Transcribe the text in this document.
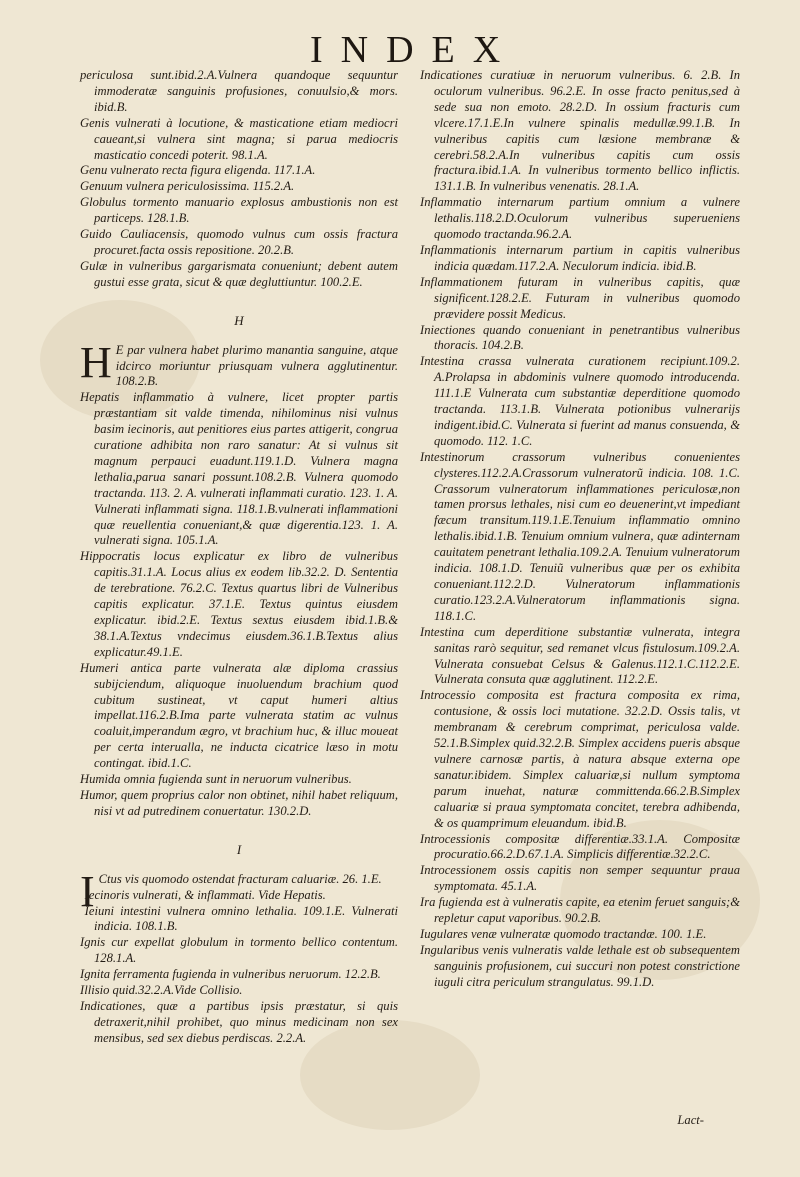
INDEX
periculosa sunt.ibid.2.A.Vulnera quandoque sequuntur immoderatæ sanguinis profusiones, conuulsio,& mors. ibid.B.
Genis vulnerati à locutione, & masticatione etiam mediocri caueant,si vulnera sint magna; si parua mediocris masticatio concedi poterit. 98.1.A.
Genu vulnerato recta figura eligenda. 117.1.A.
Genuum vulnera periculosissima. 115.2.A.
Globulus tormento manuario explosus ambustionis non est particeps. 128.1.B.
Guido Cauliacensis, quomodo vulnus cum ossis fractura procuret.facta ossis repositione. 20.2.B.
Gulæ in vulneribus gargarismata conueniunt; debent autem gustui esse grata, sicut & quæ degluttiuntur. 100.2.E.
H
H E par vulnera habet plurimo manantia sanguine, atque idcirco moriuntur priusquam vulnera agglutinentur. 108.2.B.
Hepatis inflammatio à vulnere, licet propter partis præstantiam sit valde timenda, nihilominus nisi vulnus basim iecinoris, aut penitiores eius partes attigerit, congrua curatione adhibita non raro sanatur: At si vulnus sit magnum perpauci euadunt.119.1.D. Vulnera magna lethalia,parua sanari possunt.108.2.B. Vulnera quomodo tractanda. 113. 2. A. vulnerati inflammati curatio. 123. 1. A. Vulnerati inflammati signa. 118.1.B.vulnerati inflammationi quæ reuellentia conueniant,& quæ digerentia.123. 1. A. vulnerati signa. 105.1.A.
Hippocratis locus explicatur ex libro de vulneribus capitis.31.1.A. Locus alius ex eodem lib.32.2. D. Sententia de terebratione. 76.2.C. Textus quartus libri de Vulneribus capitis explicatur. 37.1.E. Textus quintus eiusdem explicatur. ibid.2.E. Textus sextus eiusdem ibid.1.B.& 38.1.A.Textus vndecimus eiusdem.36.1.B.Textus alius explicatur.49.1.E.
Humeri antica parte vulnerata alæ diploma crassius subijciendum, aliquoque inuoluendum brachium quod cubitum sustineat, vt caput humeri altius impellat.116.2.B.Ima parte vulnerata statim ac vulnus coaluit,imperandum ægro, vt brachium huc, & illuc moueat per certa interualla, ne inducta cicatrice læso in motu contingat. ibid.1.C.
Humida omnia fugienda sunt in neruorum vulneribus.
Humor, quem proprius calor non obtinet, nihil habet reliquum, nisi vt ad putredinem conuertatur. 130.2.D.
I
I Ctus vis quomodo ostendat fracturam caluariæ. 26. 1.E.
Iecinoris vulnerati, & inflammati. Vide Hepatis.
Ieiuni intestini vulnera omnino lethalia. 109.1.E. Vulnerati indicia. 108.1.B.
Ignis cur expellat globulum in tormento bellico contentum. 128.1.A.
Ignita ferramenta fugienda in vulneribus neruorum. 12.2.B.
Illisio quid.32.2.A.Vide Collisio.
Indicationes, quæ a partibus ipsis præstatur, si quis detraxerit,nihil prohibet, quo minus medicinam non sex mensibus, sed sex diebus perdiscas. 2.2.A.
Indicationes curatiuæ in neruorum vulneribus. 6. 2.B. In oculorum vulneribus. 96.2.E. In osse fracto penitus,sed à sede sua non emoto. 28.2.D. In ossium fracturis cum vlcere.17.1.E.In vulnere spinalis medullæ.99.1.B. In vulneribus capitis cum læsione membranæ & cerebri.58.2.A.In vulneribus capitis cum ossis fractura.ibid.1.A. In vulneribus tormento bellico inflictis. 131.1.B. In vulneribus venenatis. 28.1.A.
Inflammatio internarum partium omnium a vulnere lethalis.118.2.D.Oculorum vulneribus superueniens quomodo tractanda.96.2.A.
Inflammationis internarum partium in capitis vulneribus indicia quædam.117.2.A. Neculorum indicia. ibid.B.
Inflammationem futuram in vulneribus capitis, quæ significent.128.2.E. Futuram in vulneribus quomodo prævidere possit Medicus.
Iniectiones quando conueniant in penetrantibus vulneribus thoracis. 104.2.B.
Intestina crassa vulnerata curationem recipiunt.109.2. A.Prolapsa in abdominis vulnere quomodo introducenda. 111.1.E Vulnerata cum substantiæ deperditione quomodo tractanda. 113.1.B. Vulnerata potionibus vulnerarijs indigent.ibid.C. Vulnerata si fuerint ad manus consuenda, & quomodo. 112. 1.C.
Intestinorum crassorum vulneribus conuenientes clysteres.112.2.A.Crassorum vulneratorũ indicia. 108. 1.C. Crassorum vulneratorum inflammationes periculosæ,non tamen prorsus lethales, nisi cum eo deuenerint,vt impediant fæcum transitum.119.1.E.Tenuium inflammatio omnino lethalis.ibid.1.B. Tenuium omnium vulnera, quæ adinternam cauitatem penetrant lethalia.109.2.A. Tenuium vulneratorum indicia. 108.1.D. Tenuiũ vulneribus quæ per os exhibita conueniant.112.2.D. Vulneratorum inflammationis curatio.123.2.A.Vulneratorum inflammationis signa. 118.1.C.
Intestina cum deperditione substantiæ vulnerata, integra sanitas rarò sequitur, sed remanet vlcus fistulosum.109.2.A. Vulnerata consuebat Celsus & Galenus.112.1.C.112.2.E. Vulnerata consuta quæ agglutinent. 112.2.E.
Introcessio composita est fractura composita ex rima, contusione, & ossis loci mutatione. 32.2.D. Ossis talis, vt membranam & cerebrum comprimat, periculosa valde. 52.1.B.Simplex quid.32.2.B. Simplex accidens pueris absque vulnere carnosæ partis, à natura absque externa ope sanatur.ibidem. Simplex caluariæ,si nullum symptoma parum inuehat, naturæ committenda.66.2.B.Simplex caluariæ si praua symptomata concitet, terebra adhibenda, & os quamprimum eleuandum. ibid.B.
Introcessionis compositæ differentiæ.33.1.A. Compositæ procuratio.66.2.D.67.1.A. Simplicis differentiæ.32.2.C.
Introcessionem ossis capitis non semper sequuntur praua symptomata. 45.1.A.
Ira fugienda est à vulneratis capite, ea etenim feruet sanguis;& repletur caput vaporibus. 90.2.B.
Iugulares venæ vulneratæ quomodo tractandæ. 100. 1.E.
Ingularibus venis vulneratis valde lethale est ob subsequentem sanguinis profusionem, cui succuri non potest constrictione iuguli citra periculum strangulatus. 99.1.D.
Lact-
